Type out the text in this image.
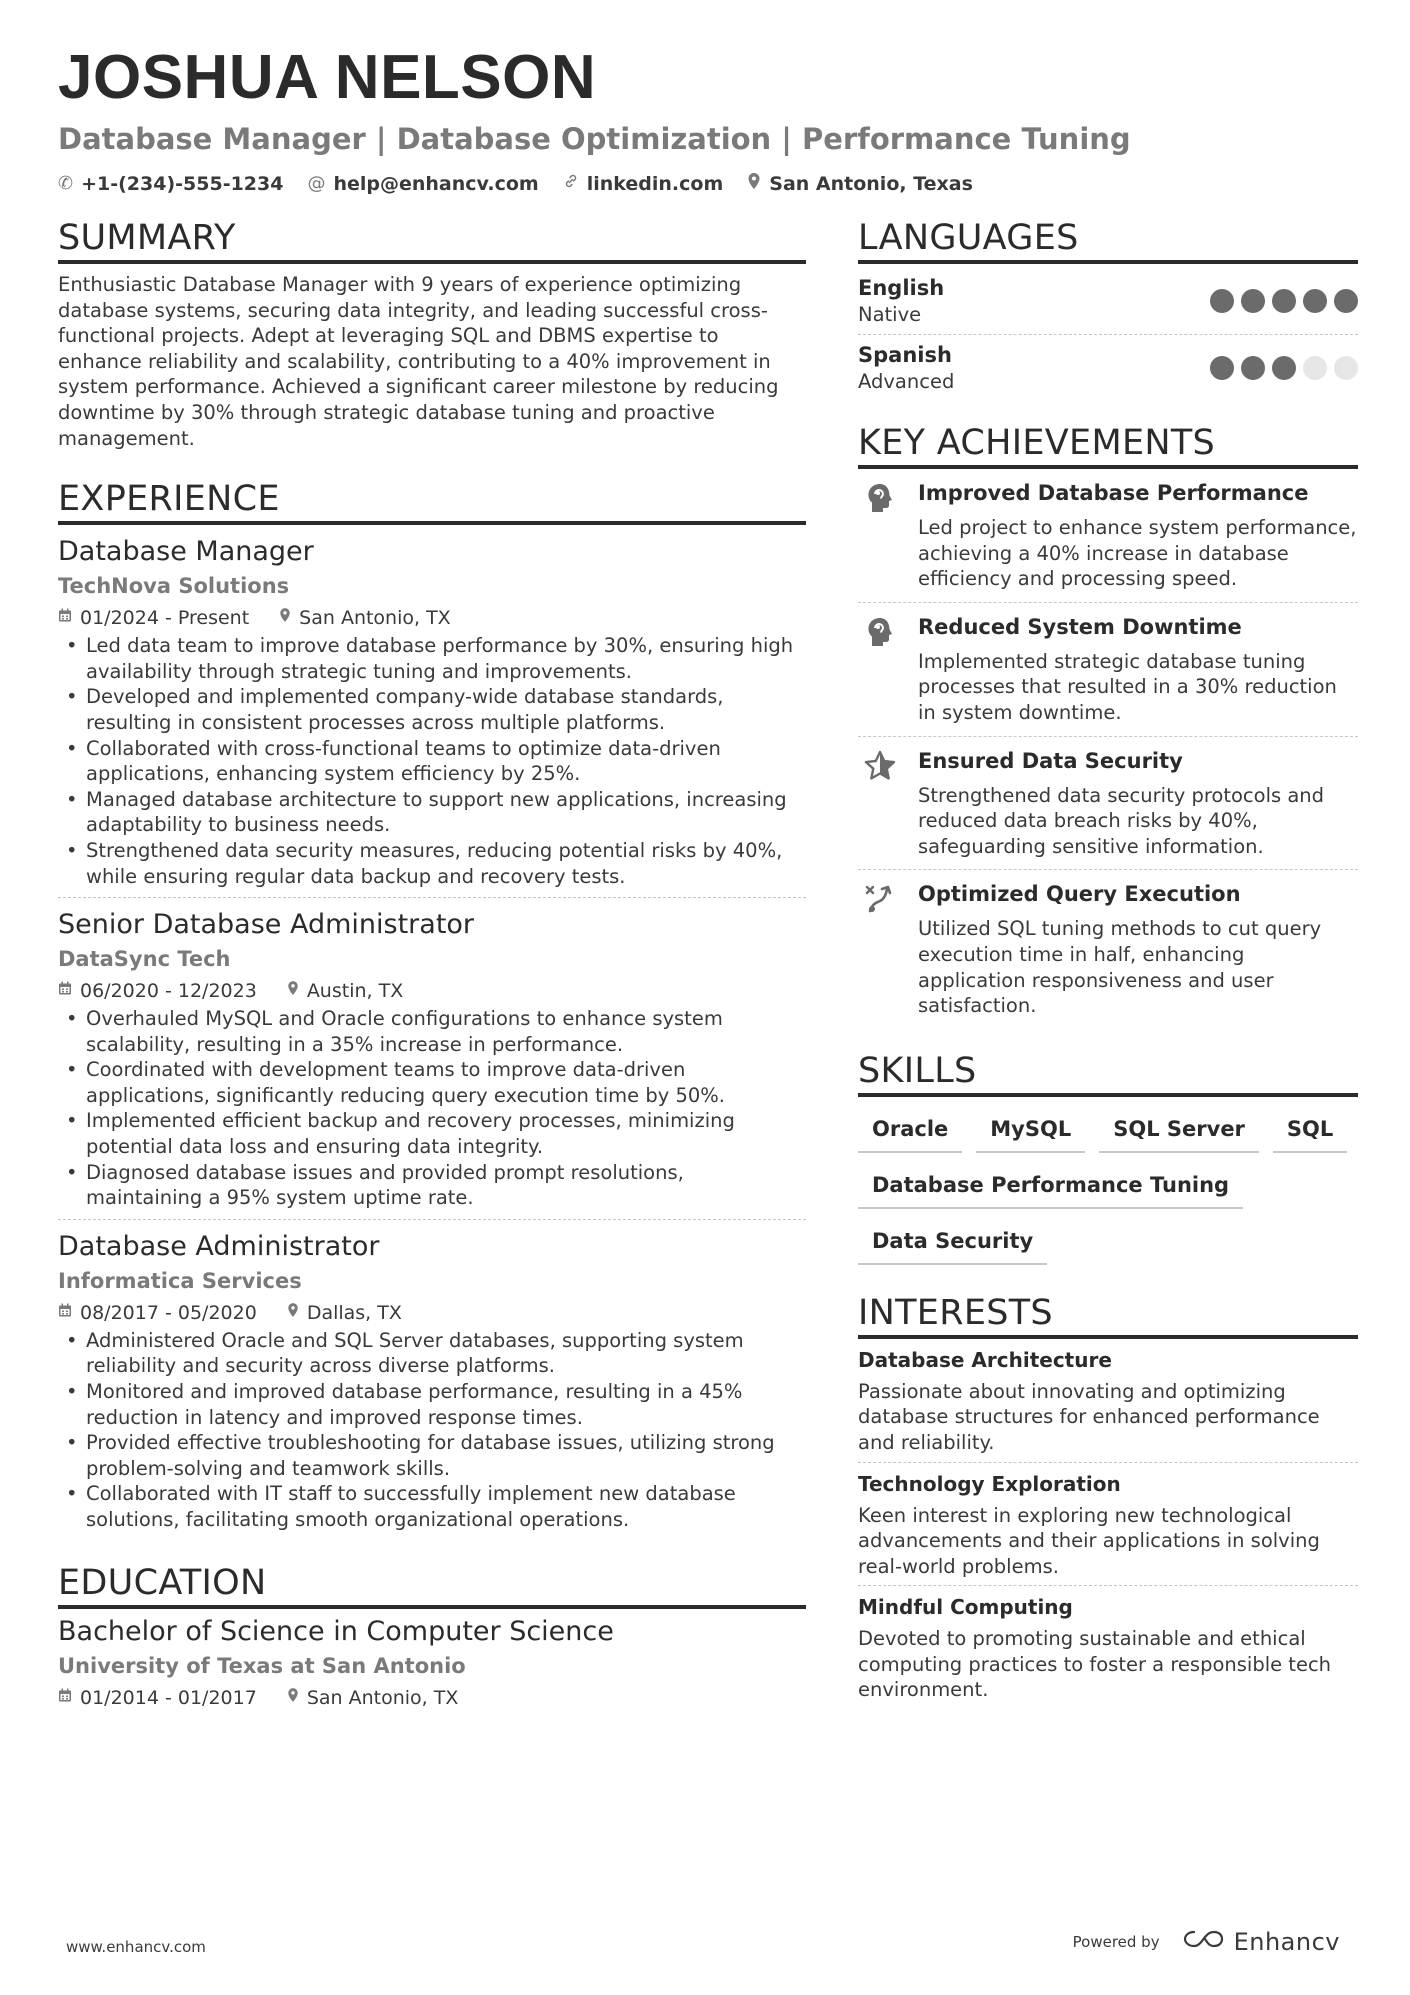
JOSHUA NELSON
Database Manager | Database Optimization | Performance Tuning
✆ +1-(234)-555-1234 @ help@enhancv.com	linkedin.com San Antonio, Texas
SUMMARY
Enthusiastic Database Manager with 9 years of experience optimizing database systems, securing data integrity, and leading successful cross-functional projects. Adept at leveraging SQL and DBMS expertise to enhance reliability and scalability, contributing to a 40% improvement in system performance. Achieved a significant career milestone by reducing downtime by 30% through strategic database tuning and proactive management.
EXPERIENCE
Database Manager
TechNova Solutions
01/2024 - Present	San Antonio, TX
• Led data team to improve database performance by 30%, ensuring high availability through strategic tuning and improvements.
• Developed and implemented company-wide database standards, resulting in consistent processes across multiple platforms.
• Collaborated with cross-functional teams to optimize data-driven applications, enhancing system efficiency by 25%.
• Managed database architecture to support new applications, increasing adaptability to business needs.
• Strengthened data security measures, reducing potential risks by 40%, while ensuring regular data backup and recovery tests.
Senior Database Administrator
DataSync Tech
06/2020 - 12/2023	Austin, TX
• Overhauled MySQL and Oracle configurations to enhance system scalability, resulting in a 35% increase in performance.
• Coordinated with development teams to improve data-driven applications, significantly reducing query execution time by 50%.
• Implemented efficient backup and recovery processes, minimizing potential data loss and ensuring data integrity.
• Diagnosed database issues and provided prompt resolutions, maintaining a 95% system uptime rate.
Database Administrator
Informatica Services
08/2017 - 05/2020	Dallas, TX
• Administered Oracle and SQL Server databases, supporting system reliability and security across diverse platforms.
• Monitored and improved database performance, resulting in a 45% reduction in latency and improved response times.
• Provided effective troubleshooting for database issues, utilizing strong problem-solving and teamwork skills.
• Collaborated with IT staff to successfully implement new database solutions, facilitating smooth organizational operations.
EDUCATION
Bachelor of Science in Computer Science
University of Texas at San Antonio
01/2014 - 01/2017	San Antonio, TX
LANGUAGES
English
Native
Spanish
Advanced
KEY ACHIEVEMENTS
Improved Database Performance
Led project to enhance system performance, achieving a 40% increase in database efficiency and processing speed.
Reduced System Downtime
Implemented strategic database tuning processes that resulted in a 30% reduction in system downtime.
Ensured Data Security
Strengthened data security protocols and reduced data breach risks by 40%, safeguarding sensitive information.
Optimized Query Execution
Utilized SQL tuning methods to cut query execution time in half, enhancing application responsiveness and user satisfaction.
SKILLS
Oracle	MySQL	SQL Server	SQL
Database Performance Tuning
Data Security
INTERESTS
Database Architecture
Passionate about innovating and optimizing database structures for enhanced performance and reliability.
Technology Exploration
Keen interest in exploring new technological advancements and their applications in solving real-world problems.
Mindful Computing
Devoted to promoting sustainable and ethical computing practices to foster a responsible tech environment.
www.enhancv.com	Powered by	Enhancv
